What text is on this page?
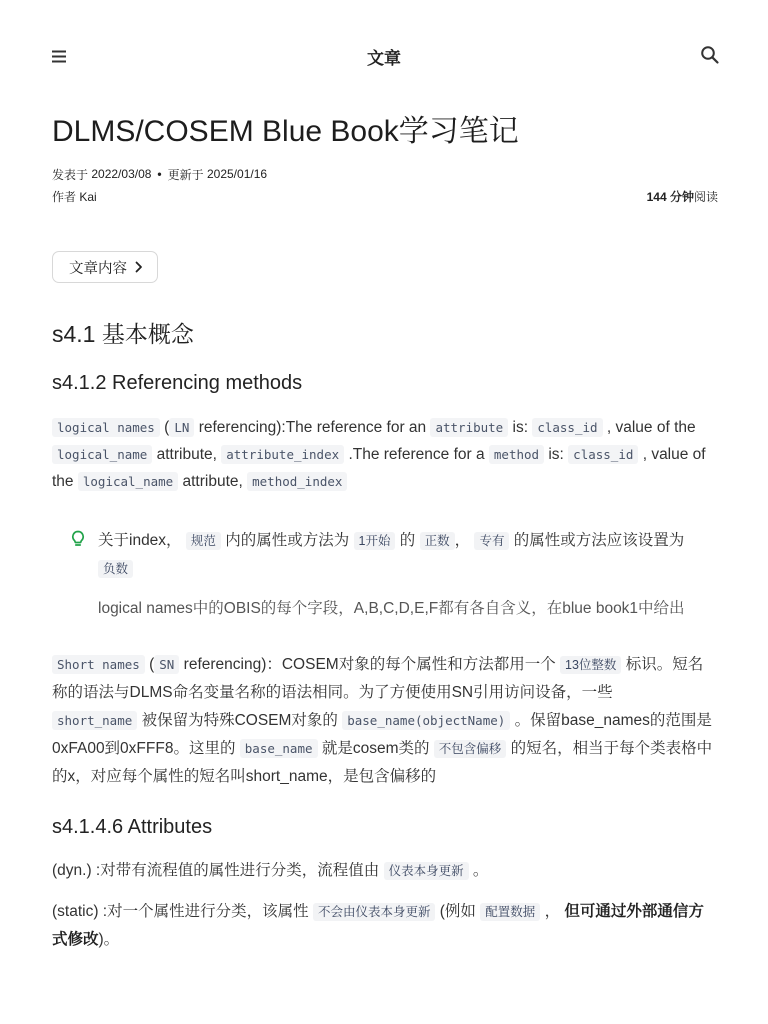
文章
DLMS/COSEM Blue Book学习笔记
发表于
2022/03/08 • 更新于
2025/01/16
作者 Kai	144 分钟阅读
文章内容
s4.1 基本概念
s4.1.2 Referencing methods

logical names ( LN referencing):The reference for an attribute is: class_id , value of the logical_name attribute, attribute_index .The reference for a method is: class_id , value of the logical_name attribute, method_index

关于index， 规范 内的属性或方法为 1开始 的 正数 ， 专有 的属性或方法应该设置为
负数
logical names中的OBIS的每个字段，A,B,C,D,E,F都有各自含义，在blue book1中给出

Short names ( SN referencing)：COSEM对象的每个属性和方法都用一个 13位整数 标识。短名称的语法与DLMS命名变量名称的语法相同。为了方便使用SN引用访问设备，一些
short_name 被保留为特殊COSEM对象的 base_name(objectName) 。保留base_names的范围是0xFA00到0xFFF8。这里的 base_name 就是cosem类的 不包含偏移 的短名，相当于每个类表格中的x，对应每个属性的短名叫short_name，是包含偏移的

s4.1.4.6 Attributes

(dyn.) :对带有流程值的属性进行分类，流程值由 仪表本身更新 。

(static) :对一个属性进行分类，该属性 不会由仪表本身更新 (例如 配置数据 ， 但可通过外部通信方式修改)。
